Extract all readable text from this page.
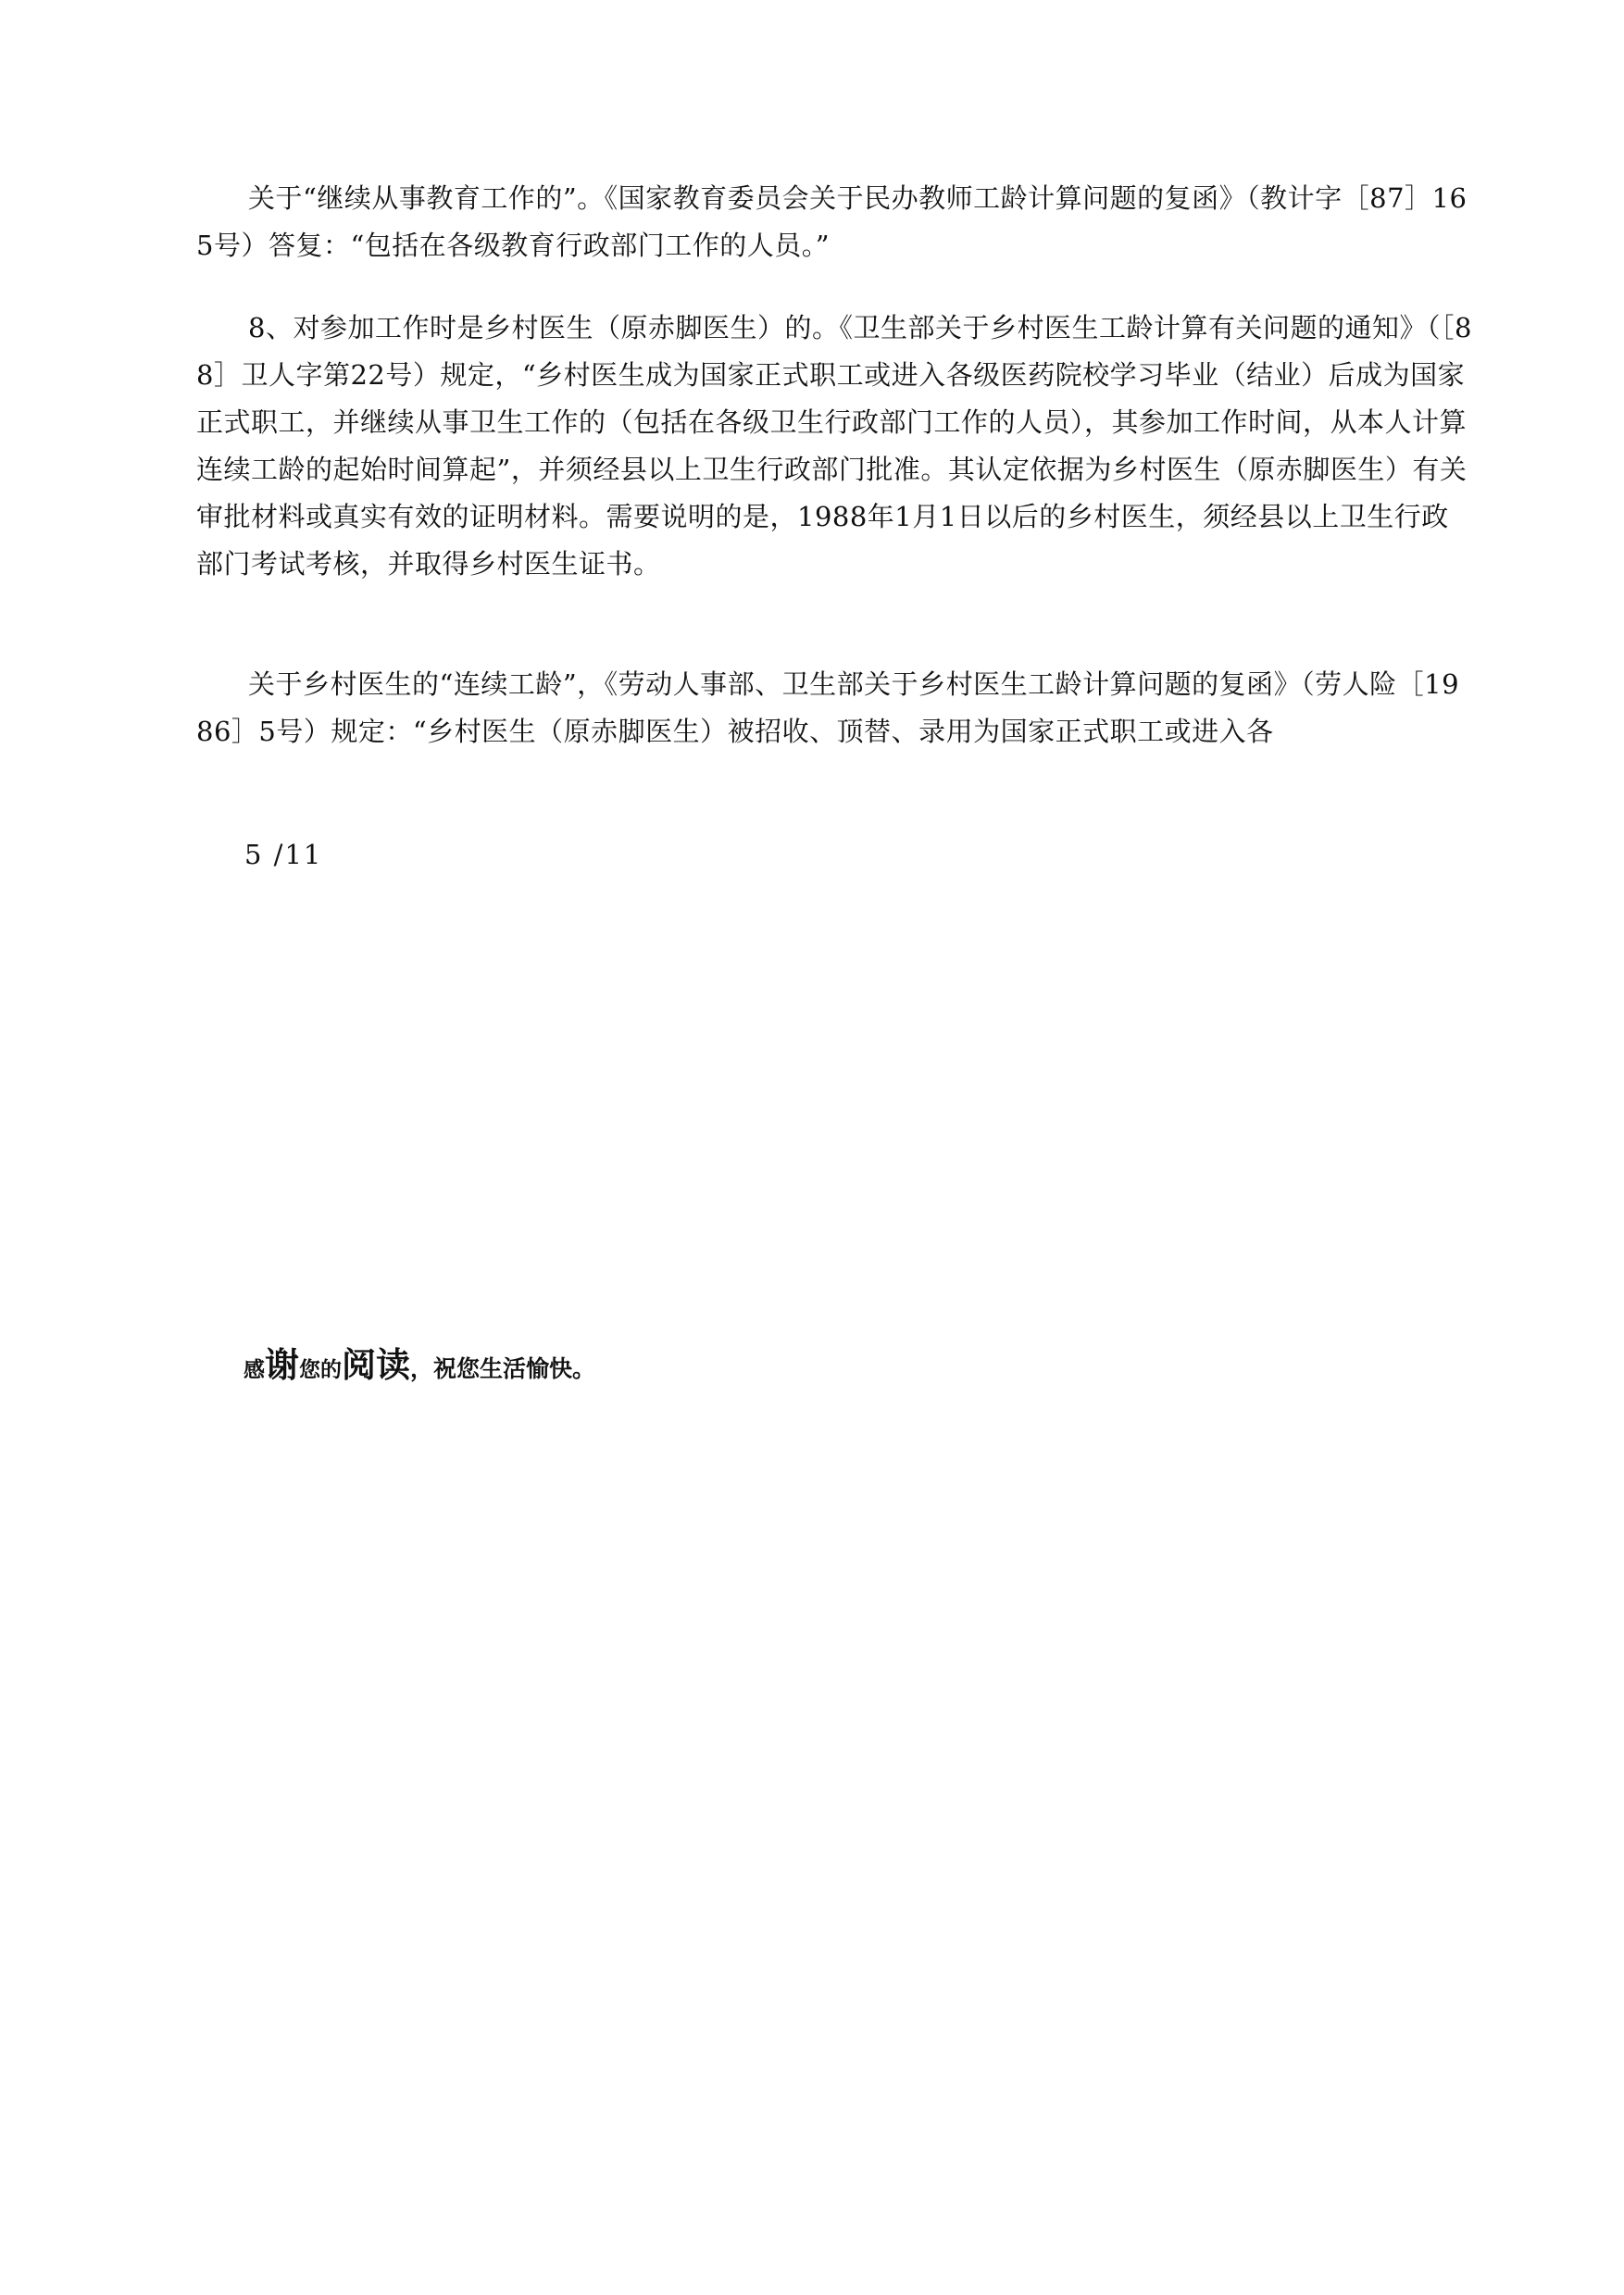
关于“继续从事教育工作的”。《国家教育委员会关于民办教师工龄计算问题的复函》（教计字［87］165号）答复：“包括在各级教育行政部门工作的人员。”

8、对参加工作时是乡村医生（原赤脚医生）的。《卫生部关于乡村医生工龄计算有关问题的通知》（［88］卫人字第22号）规定，“乡村医生成为国家正式职工或进入各级医药院校学习毕业（结业）后成为国家正式职工，并继续从事卫生工作的（包括在各级卫生行政部门工作的人员），其参加工作时间，从本人计算连续工龄的起始时间算起”，并须经县以上卫生行政部门批准。其认定依据为乡村医生（原赤脚医生）有关审批材料或真实有效的证明材料。需要说明的是，1988年1月1日以后的乡村医生，须经县以上卫生行政部门考试考核，并取得乡村医生证书。

关于乡村医生的“连续工龄”，《劳动人事部、卫生部关于乡村医生工龄计算问题的复函》（劳人险［1986］5号）规定：“乡村医生（原赤脚医生）被招收、顶替、录用为国家正式职工或进入各

5 /11

感谢您的阅读，祝您生活愉快。
